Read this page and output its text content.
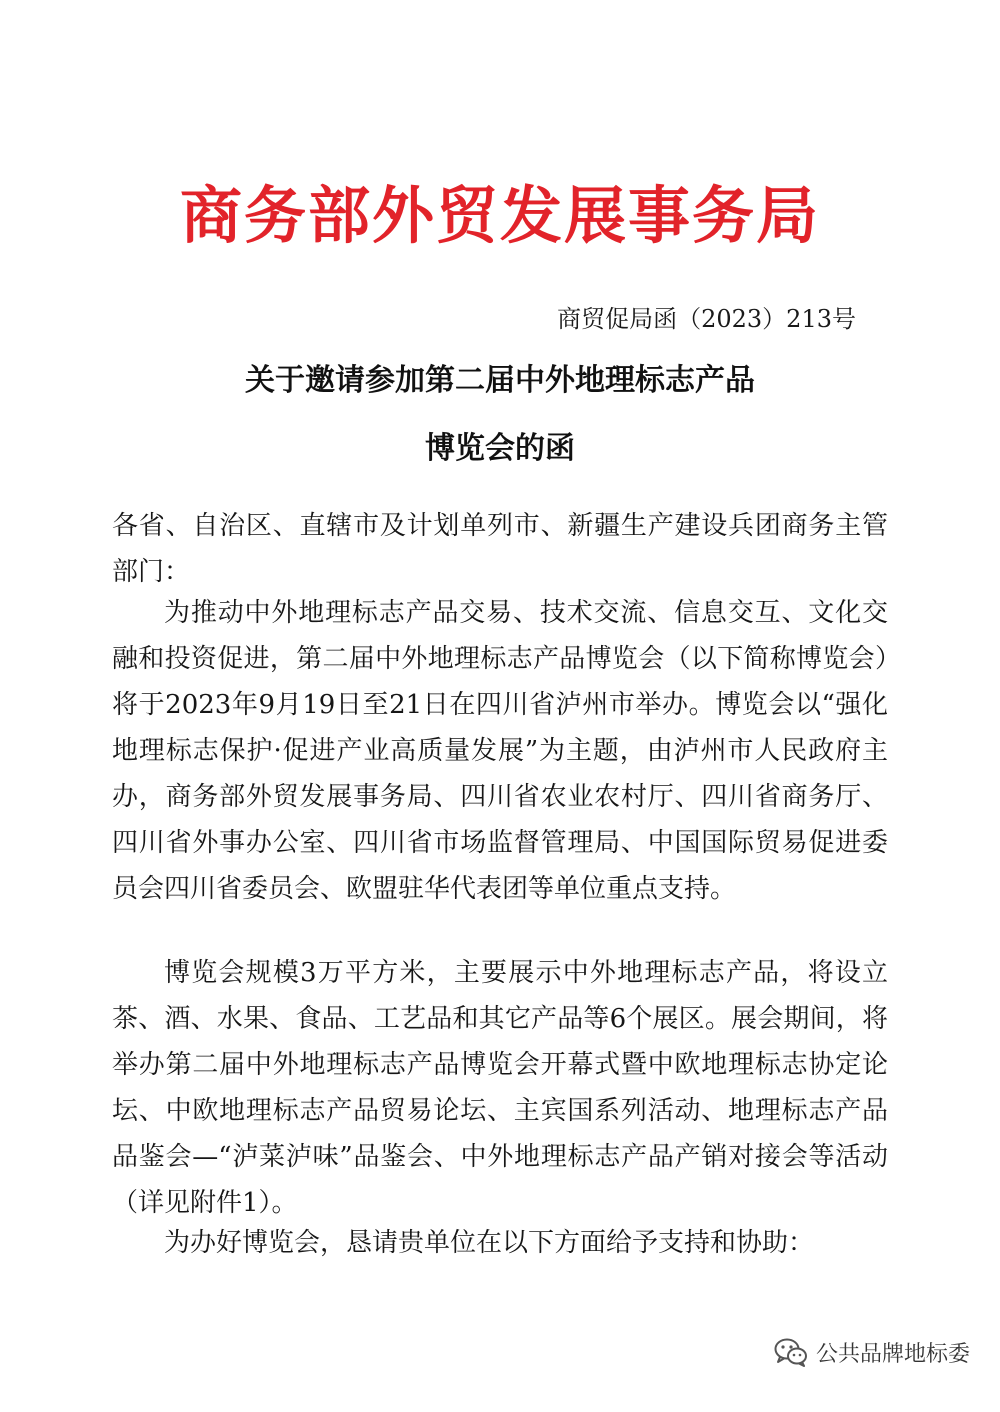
商务部外贸发展事务局
商贸促局函（2023）213号
关于邀请参加第二届中外地理标志产品
博览会的函
各省、自治区、直辖市及计划单列市、新疆生产建设兵团商务主管部门：
为推动中外地理标志产品交易、技术交流、信息交互、文化交融和投资促进，第二届中外地理标志产品博览会（以下简称博览会）将于2023年9月19日至21日在四川省泸州市举办。博览会以“强化地理标志保护·促进产业高质量发展”为主题，由泸州市人民政府主办，商务部外贸发展事务局、四川省农业农村厅、四川省商务厅、四川省外事办公室、四川省市场监督管理局、中国国际贸易促进委员会四川省委员会、欧盟驻华代表团等单位重点支持。
博览会规模3万平方米，主要展示中外地理标志产品，将设立茶、酒、水果、食品、工艺品和其它产品等6个展区。展会期间，将举办第二届中外地理标志产品博览会开幕式暨中欧地理标志协定论坛、中欧地理标志产品贸易论坛、主宾国系列活动、地理标志产品品鉴会—“泸菜泸味”品鉴会、中外地理标志产品产销对接会等活动（详见附件1）。
为办好博览会，恳请贵单位在以下方面给予支持和协助：
公共品牌地标委
